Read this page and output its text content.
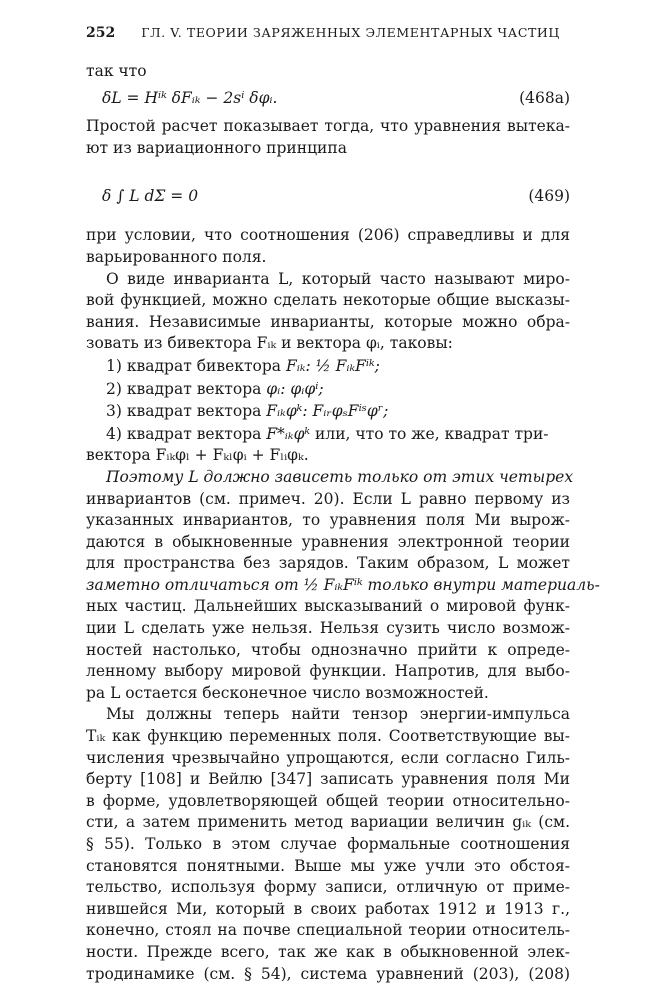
252 ГЛ. V. ТЕОРИИ ЗАРЯЖЕННЫХ ЭЛЕМЕНТАРНЫХ ЧАСТИЦ
так что
δL = Hⁱᵏ δFᵢₖ − 2sⁱ δφᵢ.	(468a)
Простой расчет показывает тогда, что уравнения вытека-
ют из вариационного принципа
δ ∫ L dΣ = 0	(469)
при условии, что соотношения (206) справедливы и для
варьированного поля.
О виде инварианта L, который часто называют миро-
вой функцией, можно сделать некоторые общие высказы-
вания. Независимые инварианты, которые можно обра-
зовать из бивектора Fᵢₖ и вектора φᵢ, таковы:
1) квадрат бивектора Fᵢₖ: ½ FᵢₖFⁱᵏ;
2) квадрат вектора φᵢ: φᵢφⁱ;
3) квадрат вектора Fᵢₖφᵏ: FᵢᵣφₛFⁱˢφʳ;
4) квадрат вектора F*ᵢₖφᵏ или, что то же, квадрат три-
вектора Fᵢₖφₗ + Fₖₗφᵢ + Fₗᵢφₖ.
Поэтому L должно зависеть только от этих четырех
инвариантов (см. примеч. 20). Если L равно первому из
указанных инвариантов, то уравнения поля Ми вырож-
даются в обыкновенные уравнения электронной теории
для пространства без зарядов. Таким образом, L может
заметно отличаться от ½ FᵢₖFⁱᵏ только внутри материаль-
ных частиц. Дальнейших высказываний о мировой функ-
ции L сделать уже нельзя. Нельзя сузить число возмож-
ностей настолько, чтобы однозначно прийти к опреде-
ленному выбору мировой функции. Напротив, для выбо-
ра L остается бесконечное число возможностей.
Мы должны теперь найти тензор энергии-импульса
Tᵢₖ как функцию переменных поля. Соответствующие вы-
числения чрезвычайно упрощаются, если согласно Гиль-
берту [108] и Вейлю [347] записать уравнения поля Ми
в форме, удовлетворяющей общей теории относительно-
сти, а затем применить метод вариации величин gᵢₖ (см.
§ 55). Только в этом случае формальные соотношения
становятся понятными. Выше мы уже учли это обстоя-
тельство, используя форму записи, отличную от приме-
нившейся Ми, который в своих работах 1912 и 1913 г.,
конечно, стоял на почве специальной теории относитель-
ности. Прежде всего, так же как в обыкновенной элек-
тродинамике (см. § 54), система уравнений (203), (208)
